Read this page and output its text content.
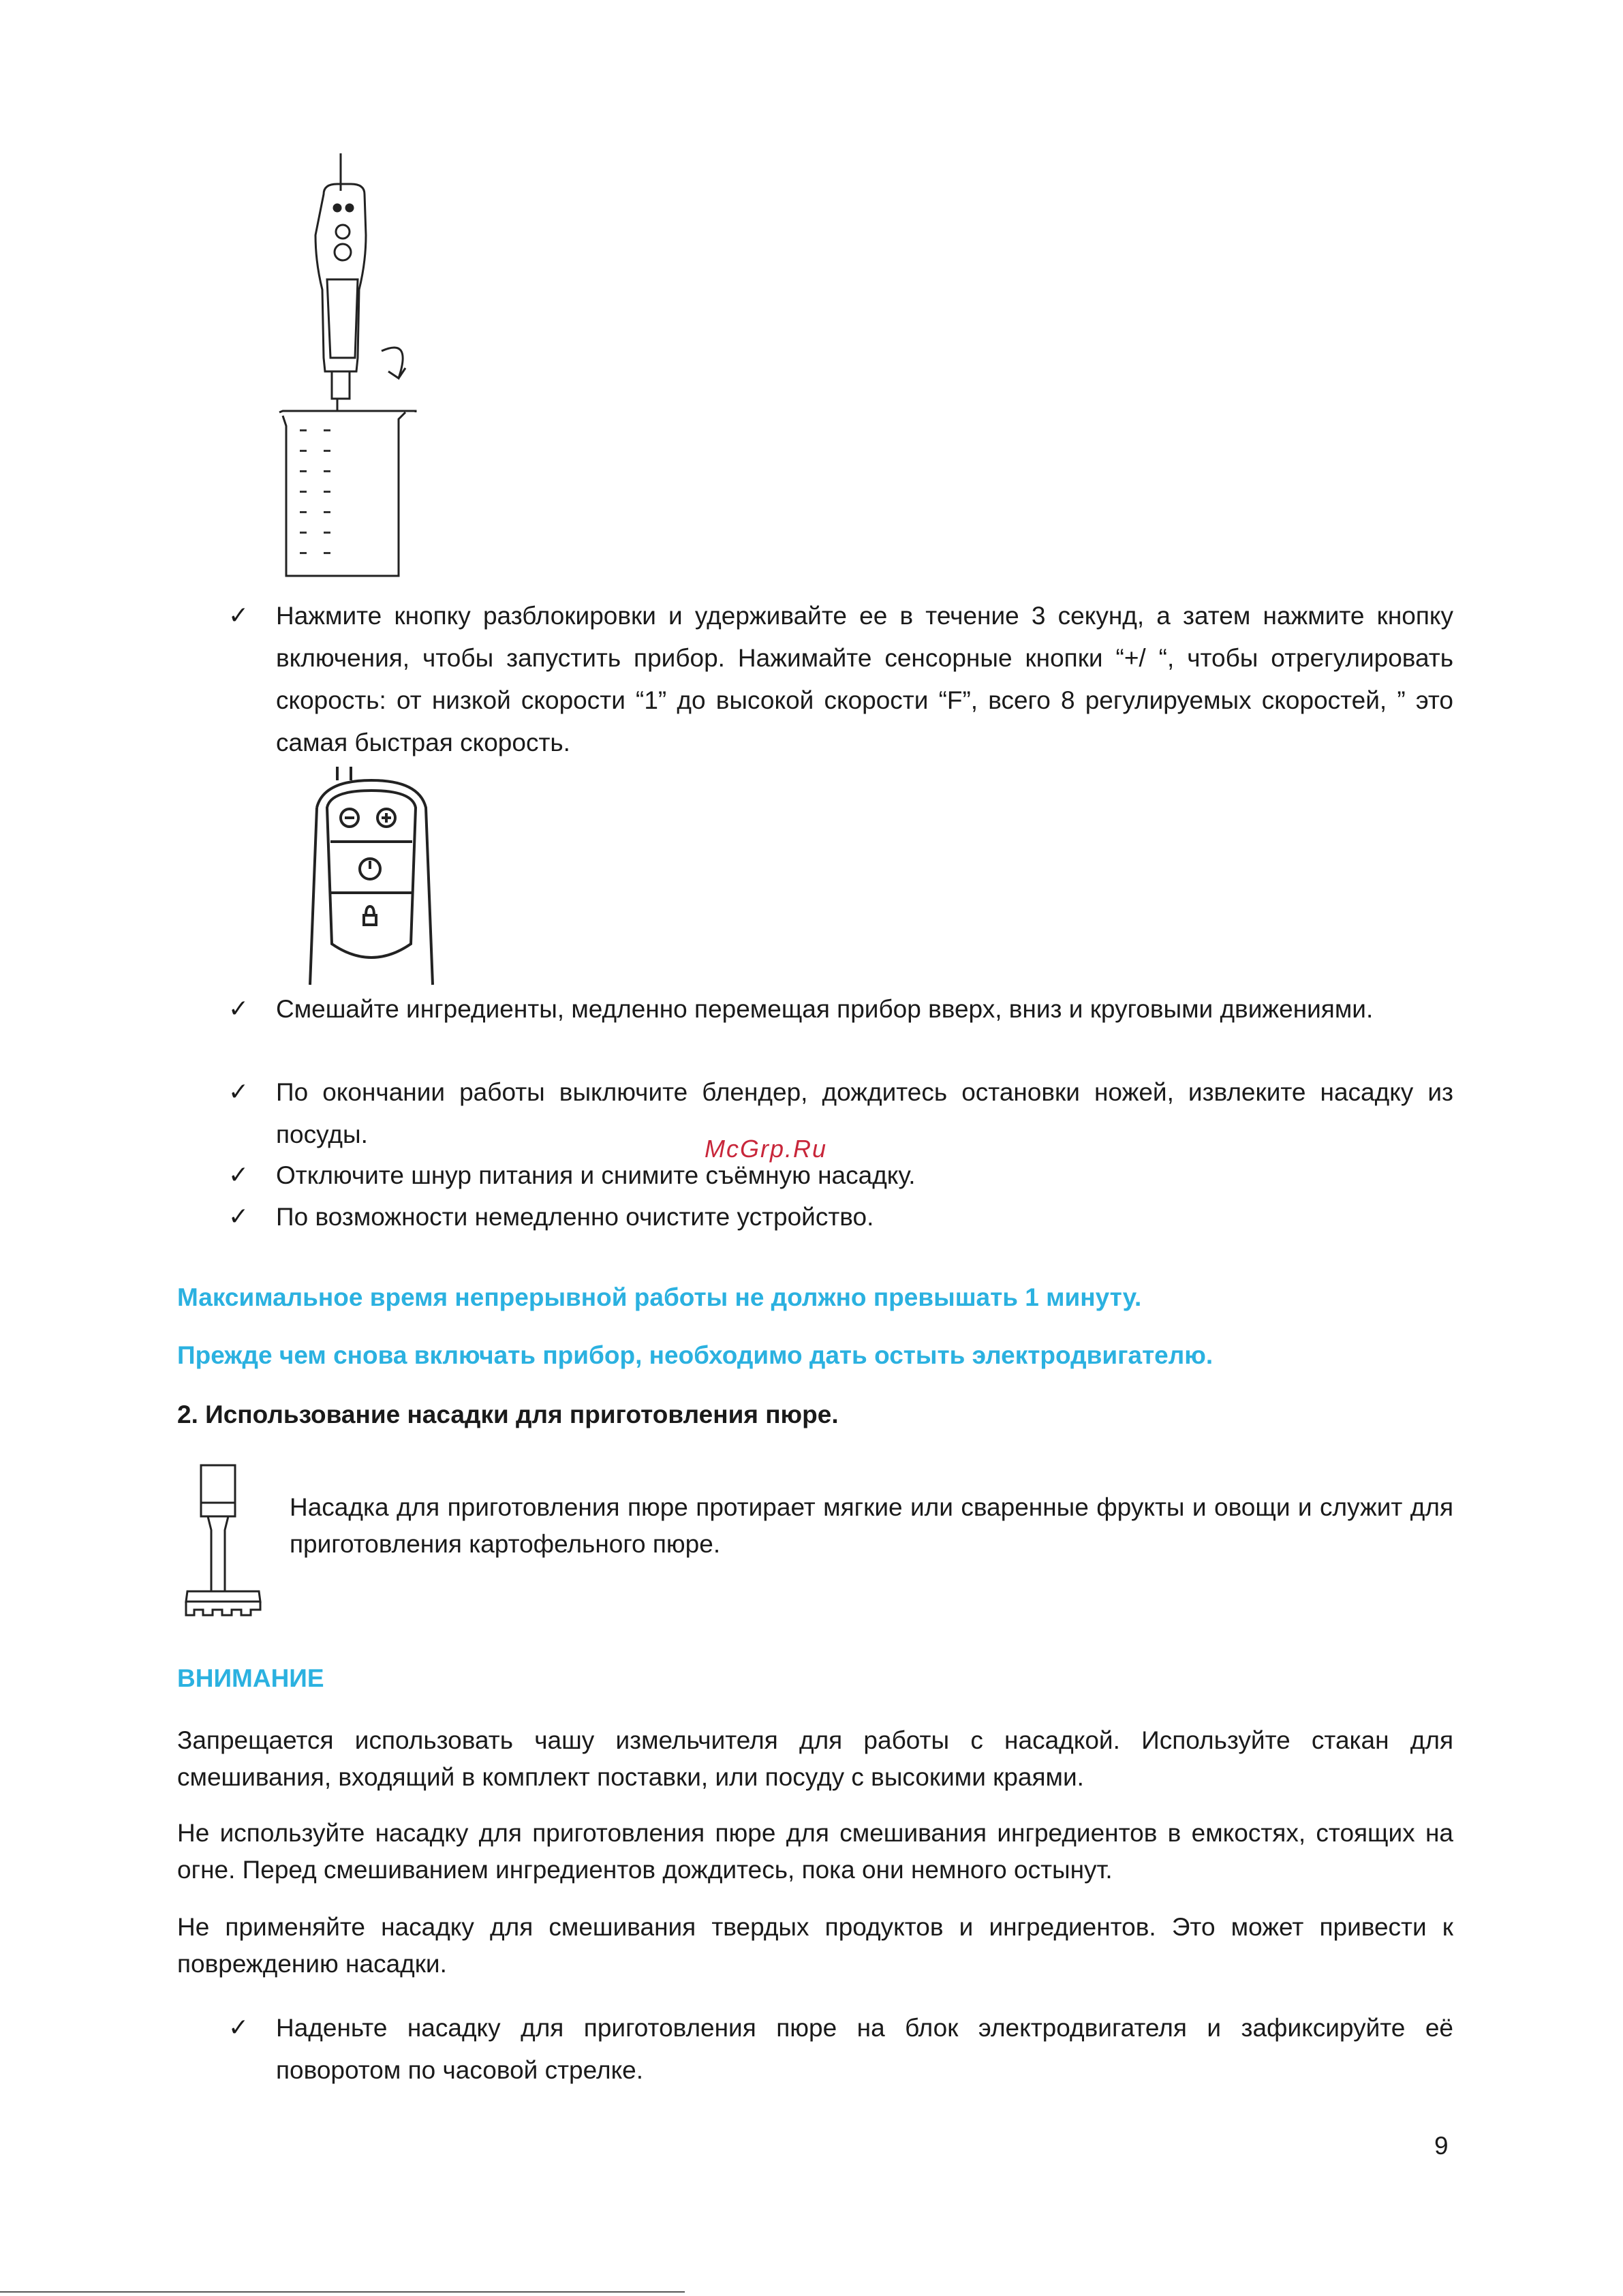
✓ Нажмите кнопку разблокировки и удерживайте ее в течение 3 секунд, а затем нажмите кнопку включения, чтобы запустить прибор. Нажимайте сенсорные кнопки “+/ “, чтобы отрегулировать скорость: от низкой скорости “1” до высокой скорости “F”, всего 8 регулируемых скоростей, ” это самая быстрая скорость.
✓ Смешайте ингредиенты, медленно перемещая прибор вверх, вниз и круговыми движениями.
✓ По окончании работы выключите блендер, дождитесь остановки ножей, извлеките насадку из посуды.
✓ Отключите шнур питания и снимите съёмную насадку.
✓ По возможности немедленно очистите устройство.
McGrp.Ru
Максимальное время непрерывной работы не должно превышать 1 минуту.
Прежде чем снова включать прибор, необходимо дать остыть электродвигателю.
2. Использование насадки для приготовления пюре.
Насадка для приготовления пюре протирает мягкие или сваренные фрукты и овощи и служит для приготовления картофельного пюре.
ВНИМАНИЕ
Запрещается использовать чашу измельчителя для работы с насадкой. Используйте стакан для смешивания, входящий в комплект поставки, или посуду с высокими краями.
Не используйте насадку для приготовления пюре для смешивания ингредиентов в емкостях, стоящих на огне. Перед смешиванием ингредиентов дождитесь, пока они немного остынут.
Не применяйте насадку для смешивания твердых продуктов и ингредиентов. Это может привести к повреждению насадки.
✓ Наденьте насадку для приготовления пюре на блок электродвигателя и зафиксируйте её поворотом по часовой стрелке.
9
